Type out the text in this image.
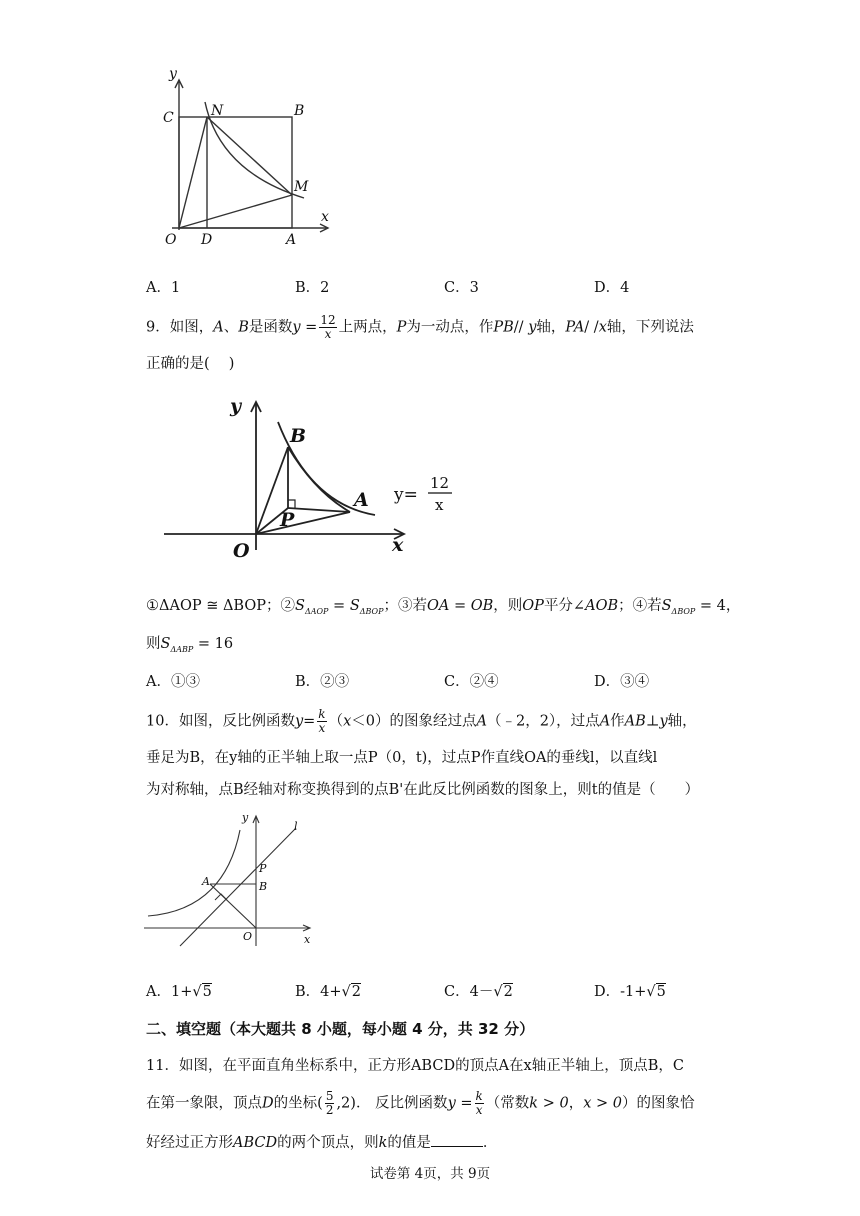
y
x
C	N	B
M
O D	A
A．1	B．2	C．3	D．4
9．如图，A、B是函数$y = \frac{12}{x}$ 上两点，P为一动点，作PB// y轴，PA/ /x轴，下列说法
正确的是(　 )
y
B
A
P
O	x
y=
12
x
①ΔAOP ≅ ΔBOP；$②S_{\Delta AOP} = S_{\Delta BOP}$；③若OA = OB，则OP平分∠AOB；④若$S_{\Delta BOP} = 4$，
则$S_{\Delta ABP} = 16$
A．①③	B．②③	C．②④	D．③④
10．如图，反比例函数$y= \frac{k}{x} (x<0)$的图象经过点A（﹣2，2），过点A作AB⊥y轴，
垂足为B，在y轴的正半轴上取一点P（0，t)，过点P作直线OA的垂线l，以直线l
为对称轴，点B经轴对称变换得到的点B'在此反比例函数的图象上，则t的值是（　　）
y
l
P
A	B
O	x
A．1+√5	B．4+√2	C．4－√2	D．-1+√5
二、填空题（本大题共 8 小题，每小题 4 分，共 32 分）
11．如图，在平面直角坐标系中，正方形ABCD的顶点A在x轴正半轴上，顶点B，C
在第一象限，顶点D的坐标( $\frac{5}{2} ,2$)． 反比例函数$y = \frac{k}{x}$ （常数k > 0，x > 0）的图象恰
好经过正方形ABCD的两个顶点，则k的值是	．
试卷第 4页，共 9页
